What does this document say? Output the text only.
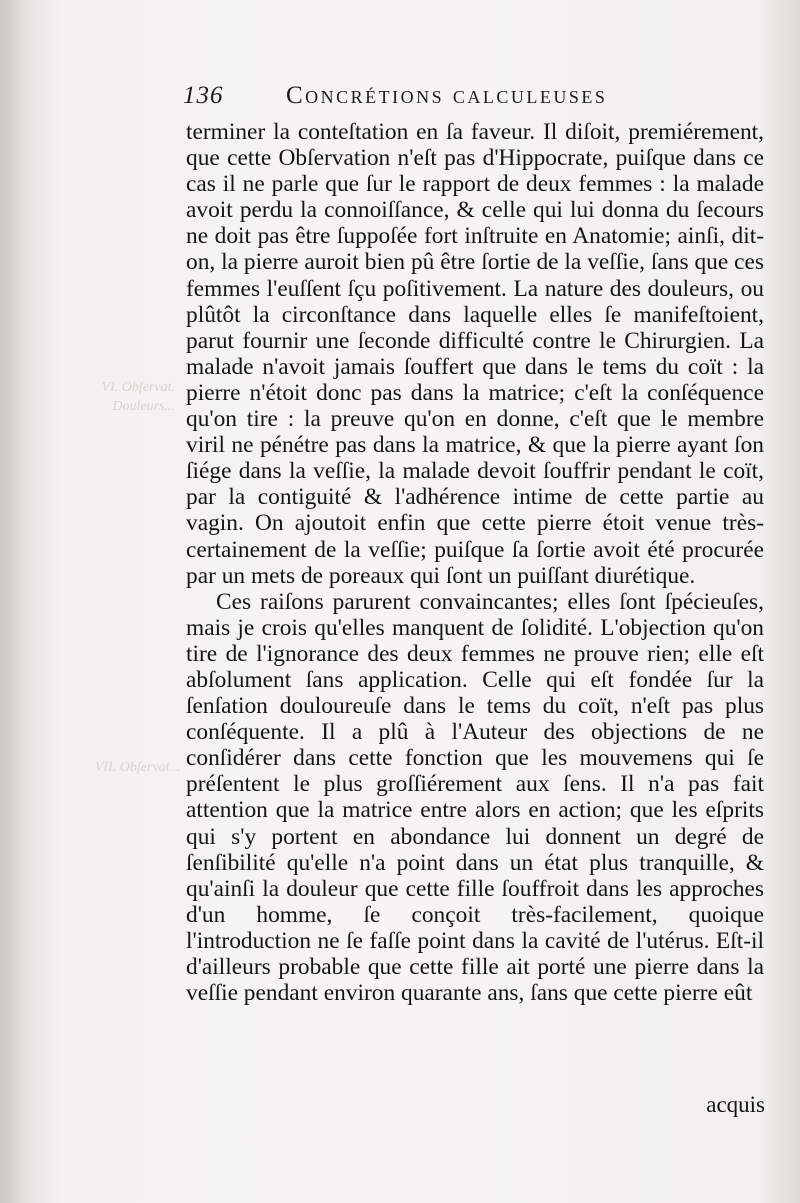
VI. Obſervat. Douleurs...
VII. Obſervat...
136	Concrétions calculeuses

terminer la conteſtation en ſa faveur. Il diſoit, premiérement, que cette Obſervation n'eſt pas d'Hippocrate, puiſque dans ce cas il ne parle que ſur le rapport de deux femmes : la malade avoit perdu la connoiſſance, & celle qui lui donna du ſecours ne doit pas être ſuppoſée fort inſtruite en Anatomie; ainſi, dit-on, la pierre auroit bien pû être ſortie de la veſſie, ſans que ces femmes l'euſſent ſçu poſitivement. La nature des douleurs, ou plûtôt la circonſtance dans laquelle elles ſe manifeſtoient, parut fournir une ſeconde difficulté contre le Chirurgien. La malade n'avoit jamais ſouffert que dans le tems du coït : la pierre n'étoit donc pas dans la matrice; c'eſt la conſéquence qu'on tire : la preuve qu'on en donne, c'eſt que le membre viril ne pénétre pas dans la matrice, & que la pierre ayant ſon ſiége dans la veſſie, la malade devoit ſouffrir pendant le coït, par la contiguité & l'adhérence intime de cette partie au vagin. On ajoutoit enfin que cette pierre étoit venue très-certainement de la veſſie; puiſque ſa ſortie avoit été procurée par un mets de poreaux qui ſont un puiſſant diurétique.

Ces raiſons parurent convaincantes; elles ſont ſpécieuſes, mais je crois qu'elles manquent de ſolidité. L'objection qu'on tire de l'ignorance des deux femmes ne prouve rien; elle eſt abſolument ſans application. Celle qui eſt fondée ſur la ſenſation douloureuſe dans le tems du coït, n'eſt pas plus conſéquente. Il a plû à l'Auteur des objections de ne conſidérer dans cette fonction que les mouvemens qui ſe préſentent le plus groſſiérement aux ſens. Il n'a pas fait attention que la matrice entre alors en action; que les eſprits qui s'y portent en abondance lui donnent un degré de ſenſibilité qu'elle n'a point dans un état plus tranquille, & qu'ainſi la douleur que cette fille ſouffroit dans les approches d'un homme, ſe conçoit très-facilement, quoique l'introduction ne ſe faſſe point dans la cavité de l'utérus. Eſt-il d'ailleurs probable que cette fille ait porté une pierre dans la veſſie pendant environ quarante ans, ſans que cette pierre eût

acquis
